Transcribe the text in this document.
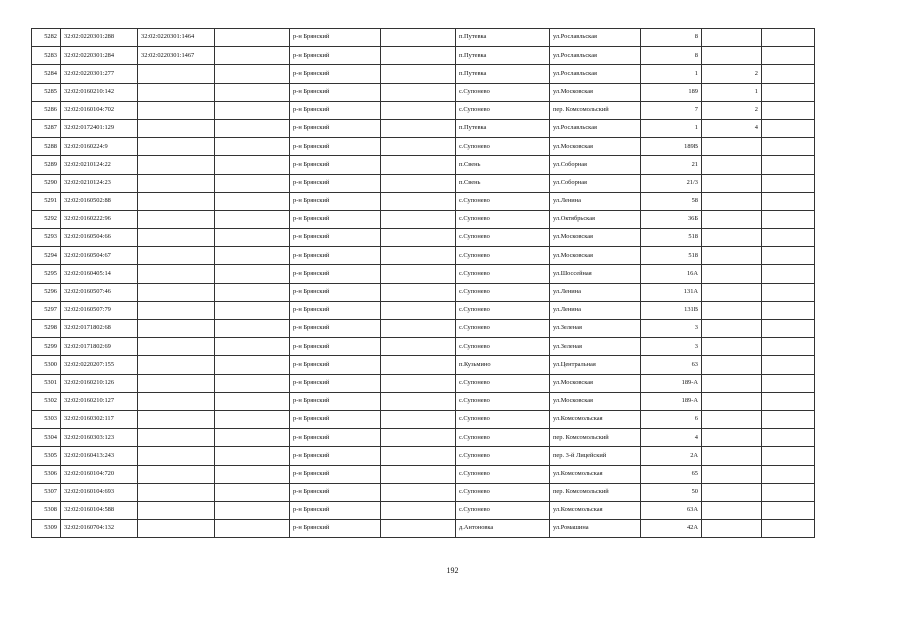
5282	32:02:0220301:288	32:02:0220301:1464		р-н Брянский		п.Путевка	ул.Рославльская	8		
5283	32:02:0220301:284	32:02:0220301:1467		р-н Брянский		п.Путевка	ул.Рославльская	8		
5284	32:02:0220301:277			р-н Брянский		п.Путевка	ул.Рославльская	1	2	
5285	32:02:0160210:142			р-н Брянский		с.Супонево	ул.Московская	189	1	
5286	32:02:0160104:702			р-н Брянский		с.Супонево	пер. Комсомольский	7	2	
5287	32:02:0172401:129			р-н Брянский		п.Путевка	ул.Рославльская	1	4	
5288	32:02:0160224:9			р-н Брянский		с.Супонево	ул.Московская	189В		
5289	32:02:0210124:22			р-н Брянский		п.Свень	ул.Соборная	21		
5290	32:02:0210124:23			р-н Брянский		п.Свень	ул.Соборная	21/3		
5291	32:02:0160502:88			р-н Брянский		с.Супонево	ул.Ленина	58		
5292	32:02:0160222:96			р-н Брянский		с.Супонево	ул.Октябрьская	36Б		
5293	32:02:0160504:66			р-н Брянский		с.Супонево	ул.Московская	518		
5294	32:02:0160504:67			р-н Брянский		с.Супонево	ул.Московская	518		
5295	32:02:0160405:14			р-н Брянский		с.Супонево	ул.Шоссейная	16А		
5296	32:02:0160507:46			р-н Брянский		с.Супонево	ул.Ленина	131А		
5297	32:02:0160507:79			р-н Брянский		с.Супонево	ул.Ленина	131В		
5298	32:02:0171802:68			р-н Брянский		с.Супонево	ул.Зеленая	3		
5299	32:02:0171802:69			р-н Брянский		с.Супонево	ул.Зеленая	3		
5300	32:02:0220207:155			р-н Брянский		п.Кузьмино	ул.Центральная	63		
5301	32:02:0160210:126			р-н Брянский		с.Супонево	ул.Московская	189-А		
5302	32:02:0160210:127			р-н Брянский		с.Супонево	ул.Московская	189-А		
5303	32:02:0160302:117			р-н Брянский		с.Супонево	ул.Комсомольская	6		
5304	32:02:0160303:123			р-н Брянский		с.Супонево	пер. Комсомольский	4		
5305	32:02:0160413:243			р-н Брянский		с.Супонево	пер. 3-й Лицейский	2А		
5306	32:02:0160104:720			р-н Брянский		с.Супонево	ул.Комсомольская	65		
5307	32:02:0160104:693			р-н Брянский		с.Супонево	пер. Комсомольский	50		
5308	32:02:0160104:588			р-н Брянский		с.Супонево	ул.Комсомольская	63А		
5309	32:02:0160704:132			р-н Брянский		д.Антоновка	ул.Ромашина	42А		
192
